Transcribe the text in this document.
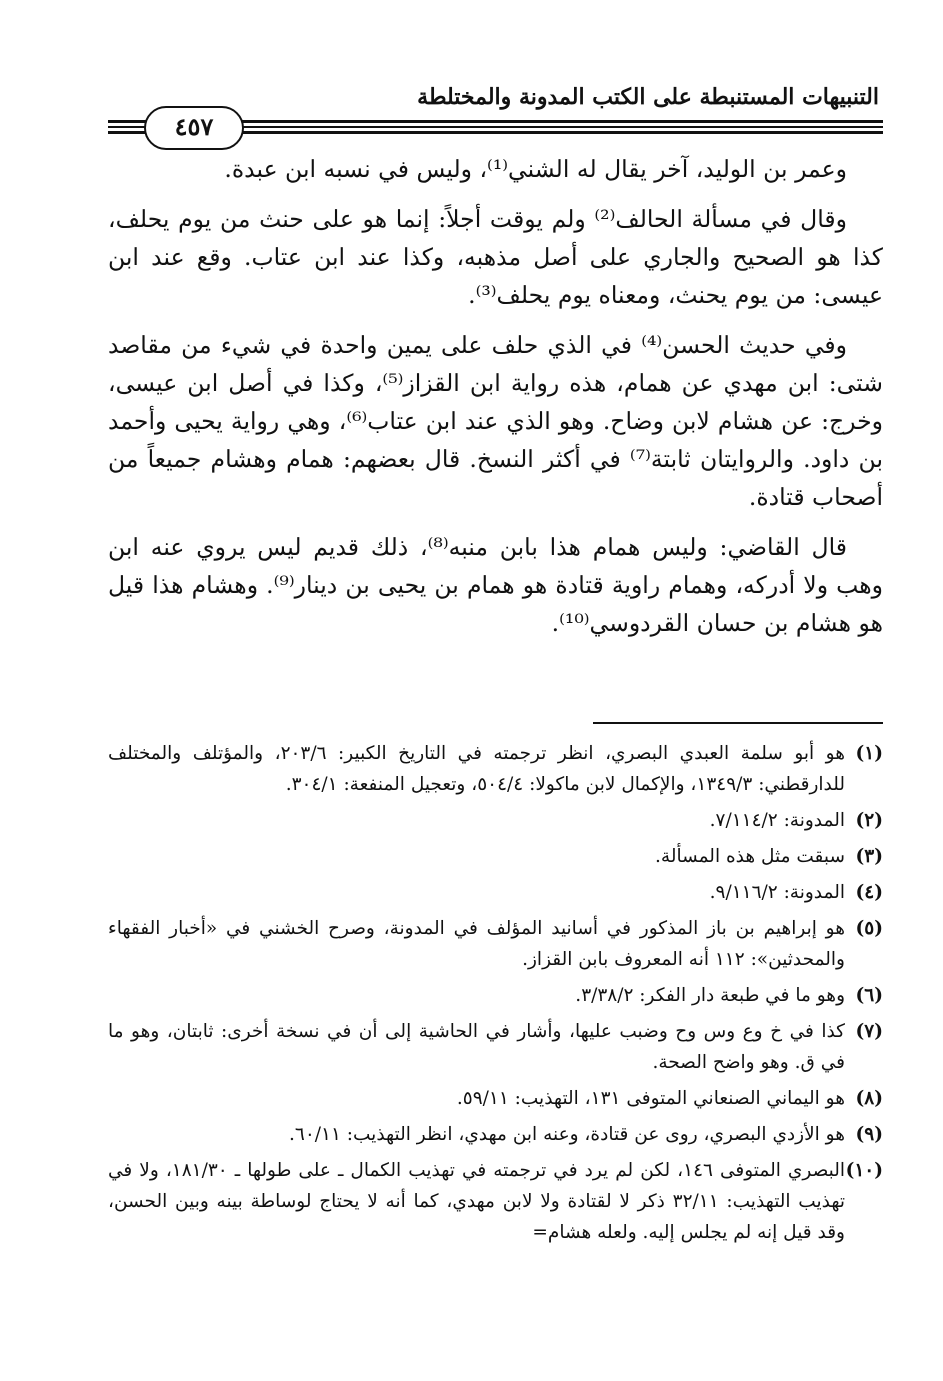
التنبيهات المستنبطة على الكتب المدونة والمختلطة
٤٥٧

وعمر بن الوليد، آخر يقال له الشني⁽¹⁾، وليس في نسبه ابن عبدة.

وقال في مسألة الحالف⁽²⁾ ولم يوقت أجلاً: إنما هو على حنث من يوم يحلف، كذا هو الصحيح والجاري على أصل مذهبه، وكذا عند ابن عتاب. وقع عند ابن عيسى: من يوم يحنث، ومعناه يوم يحلف⁽³⁾.

وفي حديث الحسن⁽⁴⁾ في الذي حلف على يمين واحدة في شيء من مقاصد شتى: ابن مهدي عن همام، هذه رواية ابن القزاز⁽⁵⁾، وكذا في أصل ابن عيسى، وخرج: عن هشام لابن وضاح. وهو الذي عند ابن عتاب⁽⁶⁾، وهي رواية يحيى وأحمد بن داود. والروايتان ثابتة⁽⁷⁾ في أكثر النسخ. قال بعضهم: همام وهشام جميعاً من أصحاب قتادة.

قال القاضي: وليس همام هذا بابن منبه⁽⁸⁾، ذلك قديم ليس يروي عنه ابن وهب ولا أدركه، وهمام راوية قتادة هو همام بن يحيى بن دينار⁽⁹⁾. وهشام هذا قيل هو هشام بن حسان القردوسي⁽¹⁰⁾.

(١)
هو أبو سلمة العبدي البصري، انظر ترجمته في التاريخ الكبير: ٢٠٣/٦، والمؤتلف والمختلف للدارقطني: ١٣٤٩/٣، والإكمال لابن ماكولا: ٥٠٤/٤، وتعجيل المنفعة: ٣٠٤/١.
(٢)
المدونة: ٧/١١٤/٢.
(٣)
سبقت مثل هذه المسألة.
(٤)
المدونة: ٩/١١٦/٢.
(٥)
هو إبراهيم بن باز المذكور في أسانيد المؤلف في المدونة، وصرح الخشني في «أخبار الفقهاء والمحدثين»: ١١٢ أنه المعروف بابن القزاز.
(٦)
وهو ما في طبعة دار الفكر: ٣/٣٨/٢.
(٧)
كذا في خ وع وس وح وضبب عليها، وأشار في الحاشية إلى أن في نسخة أخرى: ثابتان، وهو ما في ق. وهو واضح الصحة.
(٨)
هو اليماني الصنعاني المتوفى ١٣١، التهذيب: ٥٩/١١.
(٩)
هو الأزدي البصري، روى عن قتادة، وعنه ابن مهدي، انظر التهذيب: ٦٠/١١.
(١٠)
البصري المتوفى ١٤٦، لكن لم يرد في ترجمته في تهذيب الكمال ـ على طولها ـ ١٨١/٣٠، ولا في تهذيب التهذيب: ٣٢/١١ ذكر لا لقتادة ولا لابن مهدي، كما أنه لا يحتاج لوساطة بينه وبين الحسن، وقد قيل إنه لم يجلس إليه. ولعله هشام=
